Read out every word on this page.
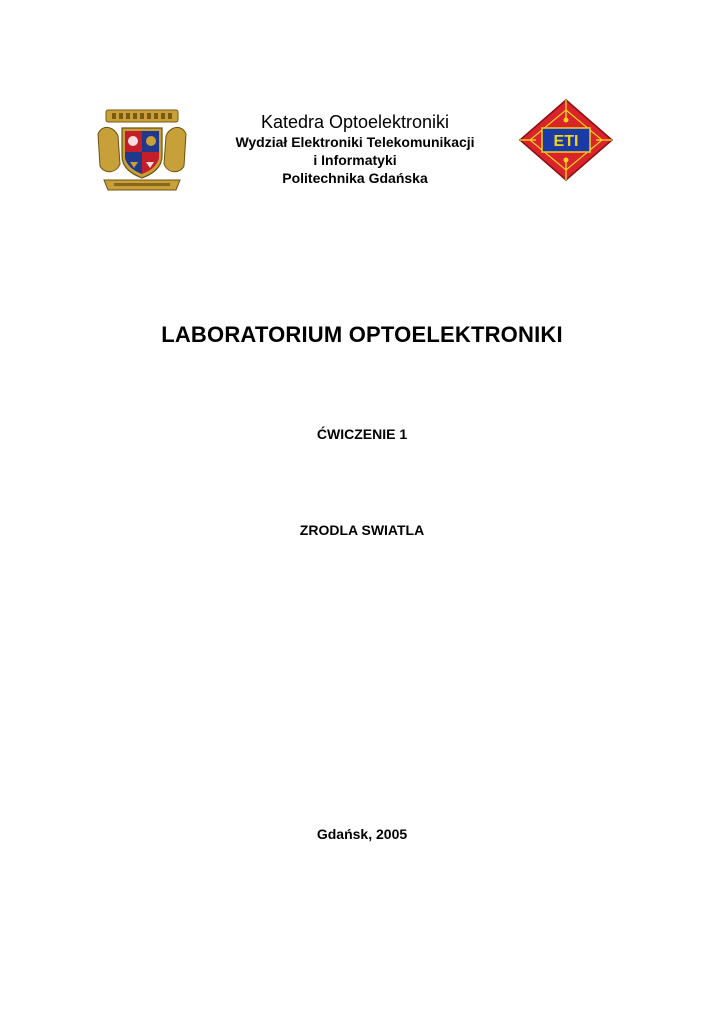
Katedra Optoelektroniki

Wydział Elektroniki Telekomunikacji

i Informatyki

Politechnika Gdańska

ETI
LABORATORIUM OPTOELEKTRONIKI

ĆWICZENIE 1

ZRODLA SWIATLA

Gdańsk, 2005
